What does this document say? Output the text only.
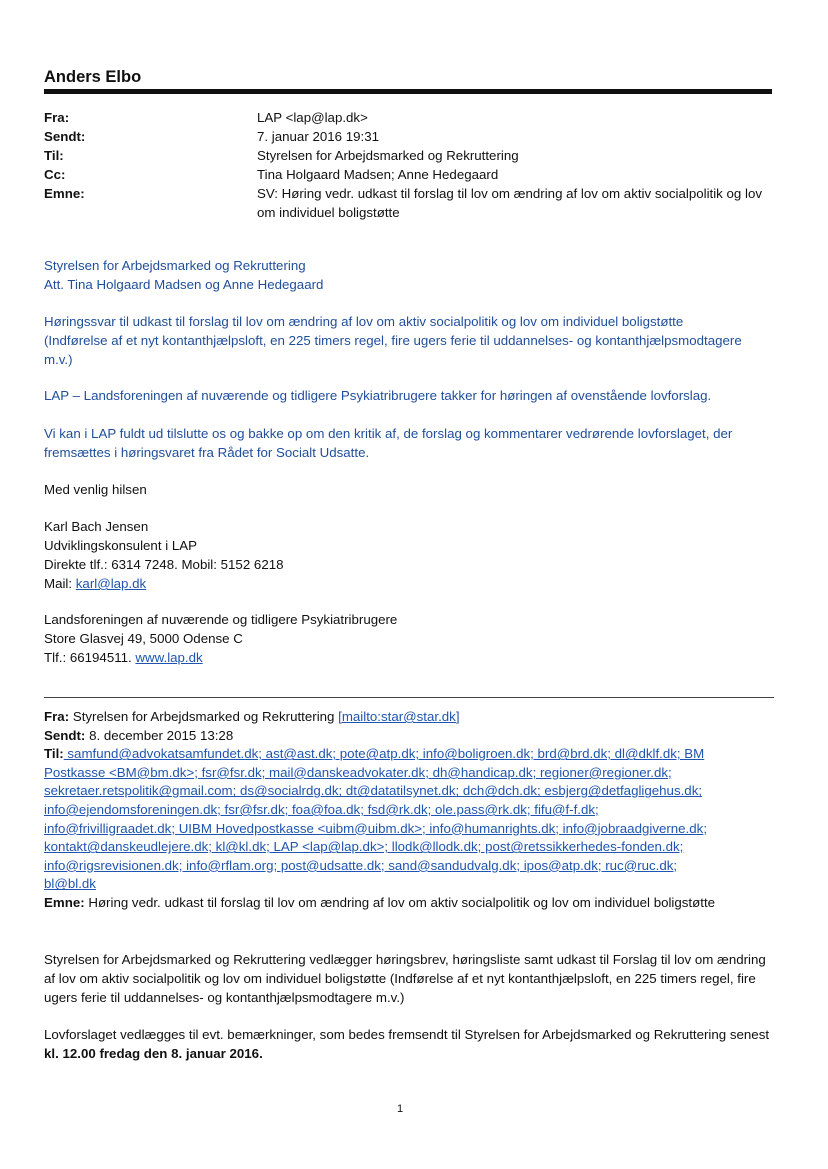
Anders Elbo
Fra:	LAP <lap@lap.dk>
Sendt:	7. januar 2016 19:31
Til:	Styrelsen for Arbejdsmarked og Rekruttering
Cc:	Tina Holgaard Madsen; Anne Hedegaard
Emne:	SV: Høring vedr. udkast til forslag til lov om ændring af lov om aktiv socialpolitik og lov om individuel boligstøtte
Styrelsen for Arbejdsmarked og Rekruttering
Att. Tina Holgaard Madsen og Anne Hedegaard
Høringssvar til udkast til forslag til lov om ændring af lov om aktiv socialpolitik og lov om individuel boligstøtte (Indførelse af et nyt kontanthjælpsloft, en 225 timers regel, fire ugers ferie til uddannelses- og kontanthjælpsmodtagere m.v.)
LAP – Landsforeningen af nuværende og tidligere Psykiatribrugere takker for høringen af ovenstående lovforslag.
Vi kan i LAP fuldt ud tilslutte os og bakke op om den kritik af, de forslag og kommentarer vedrørende lovforslaget, der fremsættes i høringsvaret fra Rådet for Socialt Udsatte.
Med venlig hilsen
Karl Bach Jensen
Udviklingskonsulent i LAP
Direkte tlf.: 6314 7248. Mobil: 5152 6218
Mail: karl@lap.dk
Landsforeningen af nuværende og tidligere Psykiatribrugere
Store Glasvej 49, 5000 Odense C
Tlf.: 66194511. www.lap.dk
Fra: Styrelsen for Arbejdsmarked og Rekruttering [mailto:star@star.dk]
Sendt: 8. december 2015 13:28
Til: samfund@advokatsamfundet.dk; ast@ast.dk; pote@atp.dk; info@boligroen.dk; brd@brd.dk; dl@dklf.dk; BM
Postkasse <BM@bm.dk>; fsr@fsr.dk; mail@danskeadvokater.dk; dh@handicap.dk; regioner@regioner.dk;
sekretaer.retspolitik@gmail.com; ds@socialrdg.dk; dt@datatilsynet.dk; dch@dch.dk; esbjerg@detfagligehus.dk;
info@ejendomsforeningen.dk; fsr@fsr.dk; foa@foa.dk; fsd@rk.dk; ole.pass@rk.dk; fifu@f-f.dk;
info@frivilligraadet.dk; UIBM Hovedpostkasse <uibm@uibm.dk>; info@humanrights.dk; info@jobraadgiverne.dk;
kontakt@danskeudlejere.dk; kl@kl.dk; LAP <lap@lap.dk>; llodk@llodk.dk; post@retssikkerhedes-fonden.dk;
info@rigsrevisionen.dk; info@rflam.org; post@udsatte.dk; sand@sandudvalg.dk; ipos@atp.dk; ruc@ruc.dk;
bl@bl.dk
Emne: Høring vedr. udkast til forslag til lov om ændring af lov om aktiv socialpolitik og lov om individuel boligstøtte
Styrelsen for Arbejdsmarked og Rekruttering vedlægger høringsbrev, høringsliste samt udkast til Forslag til lov om ændring af lov om aktiv socialpolitik og lov om individuel boligstøtte (Indførelse af et nyt kontanthjælpsloft, en 225 timers regel, fire ugers ferie til uddannelses- og kontanthjælpsmodtagere m.v.)
Lovforslaget vedlægges til evt. bemærkninger, som bedes fremsendt til Styrelsen for Arbejdsmarked og Rekruttering senest kl. 12.00 fredag den 8. januar 2016.
1
